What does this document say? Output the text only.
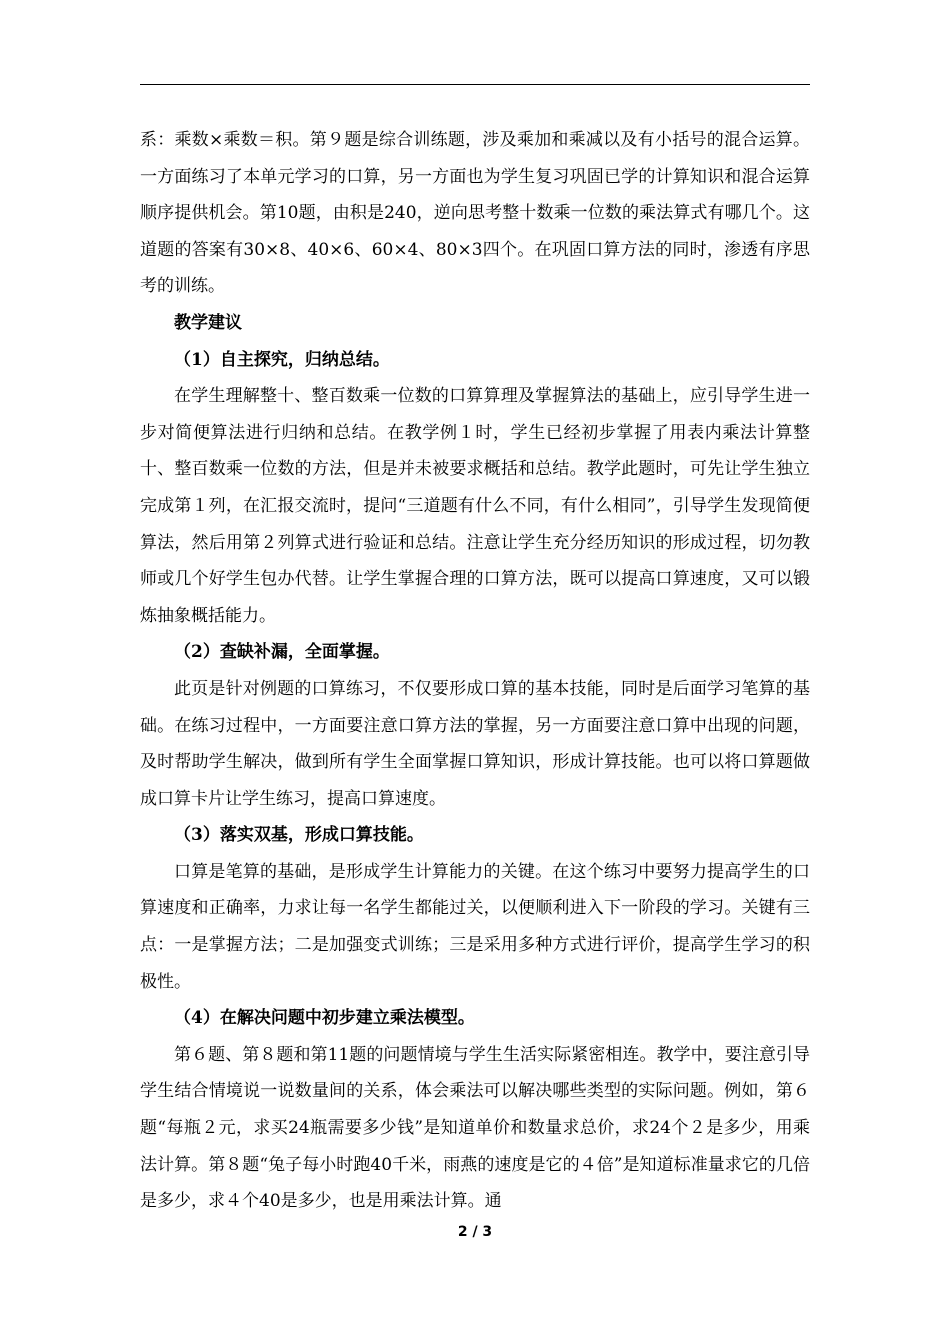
系：乘数×乘数＝积。第９题是综合训练题，涉及乘加和乘减以及有小括号的混合运算。一方面练习了本单元学习的口算，另一方面也为学生复习巩固已学的计算知识和混合运算顺序提供机会。第10题，由积是240，逆向思考整十数乘一位数的乘法算式有哪几个。这道题的答案有30×8、40×6、60×4、80×3四个。在巩固口算方法的同时，渗透有序思考的训练。

教学建议

（1）自主探究，归纳总结。

在学生理解整十、整百数乘一位数的口算算理及掌握算法的基础上，应引导学生进一步对简便算法进行归纳和总结。在教学例１时，学生已经初步掌握了用表内乘法计算整十、整百数乘一位数的方法，但是并未被要求概括和总结。教学此题时，可先让学生独立完成第１列，在汇报交流时，提问“三道题有什么不同，有什么相同”，引导学生发现简便算法，然后用第２列算式进行验证和总结。注意让学生充分经历知识的形成过程，切勿教师或几个好学生包办代替。让学生掌握合理的口算方法，既可以提高口算速度，又可以锻炼抽象概括能力。

（2）查缺补漏，全面掌握。

此页是针对例题的口算练习，不仅要形成口算的基本技能，同时是后面学习笔算的基础。在练习过程中，一方面要注意口算方法的掌握，另一方面要注意口算中出现的问题，及时帮助学生解决，做到所有学生全面掌握口算知识，形成计算技能。也可以将口算题做成口算卡片让学生练习，提高口算速度。

（3）落实双基，形成口算技能。

口算是笔算的基础，是形成学生计算能力的关键。在这个练习中要努力提高学生的口算速度和正确率，力求让每一名学生都能过关，以便顺利进入下一阶段的学习。关键有三点：一是掌握方法；二是加强变式训练；三是采用多种方式进行评价，提高学生学习的积极性。

（4）在解决问题中初步建立乘法模型。

第６题、第８题和第11题的问题情境与学生生活实际紧密相连。教学中，要注意引导学生结合情境说一说数量间的关系，体会乘法可以解决哪些类型的实际问题。例如，第６题“每瓶２元，求买24瓶需要多少钱”是知道单价和数量求总价，求24个２是多少，用乘法计算。第８题“兔子每小时跑40千米，雨燕的速度是它的４倍”是知道标准量求它的几倍是多少，求４个40是多少，也是用乘法计算。通

2 / 3
